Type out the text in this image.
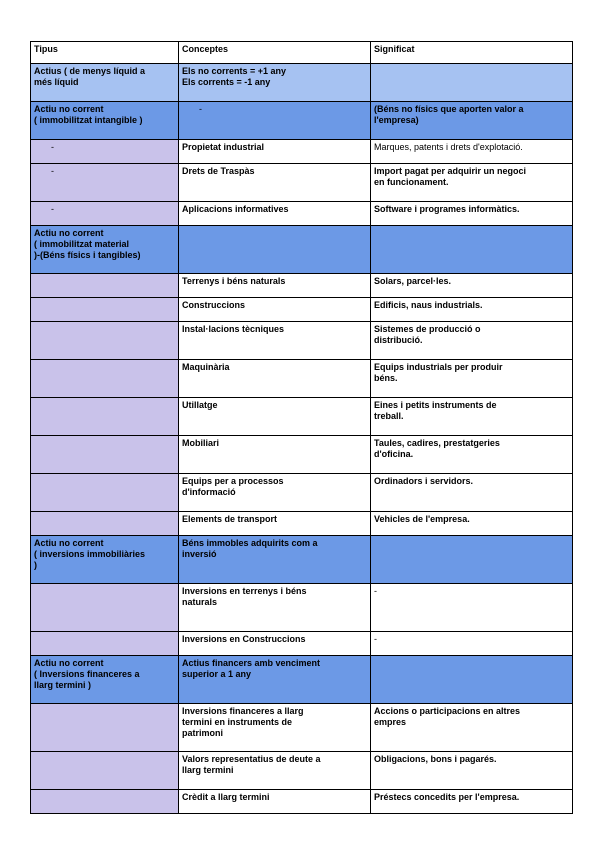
Tipus	Conceptes	Significat
Actius ( de menys líquid a
més líquid	Els no corrents = +1 any
Els corrents = -1 any	
Actiu no corrent
( immobilitzat intangible )	-	(Béns no físics que aporten valor a
l'empresa)
-	Propietat industrial	Marques, patents i drets d'explotació.
-	Drets de Traspàs	Import pagat per adquirir un negoci
en funcionament.
-	Aplicacions informatives	Software i programes informàtics.
Actiu no corrent
( immobilitzat material
)-(Béns físics i tangibles)		
	Terrenys i béns naturals	Solars, parcel·les.
	Construccions	Edificis, naus industrials.
	Instal·lacions tècniques	Sistemes de producció o
distribució.
	Maquinària	Equips industrials per produir
béns.
	Utillatge	Eines i petits instruments de
treball.
	Mobiliari	Taules, cadires, prestatgeries
d'oficina.
	Equips per a processos
d'informació	Ordinadors i servidors.
	Elements de transport	Vehicles de l'empresa.
Actiu no corrent
( inversions immobiliàries
)	Béns immobles adquirits com a
inversió	
	Inversions en terrenys i béns
naturals	-
	Inversions en Construccions	-
Actiu no corrent
( Inversions financeres a
llarg termini )	Actius financers amb venciment
superior a 1 any	
	Inversions financeres a llarg
termini en instruments de
patrimoni	Accions o participacions en altres
empres
	Valors representatius de deute a
llarg termini	Obligacions, bons i pagarés.
	Crèdit a llarg termini	Préstecs concedits per l'empresa.
